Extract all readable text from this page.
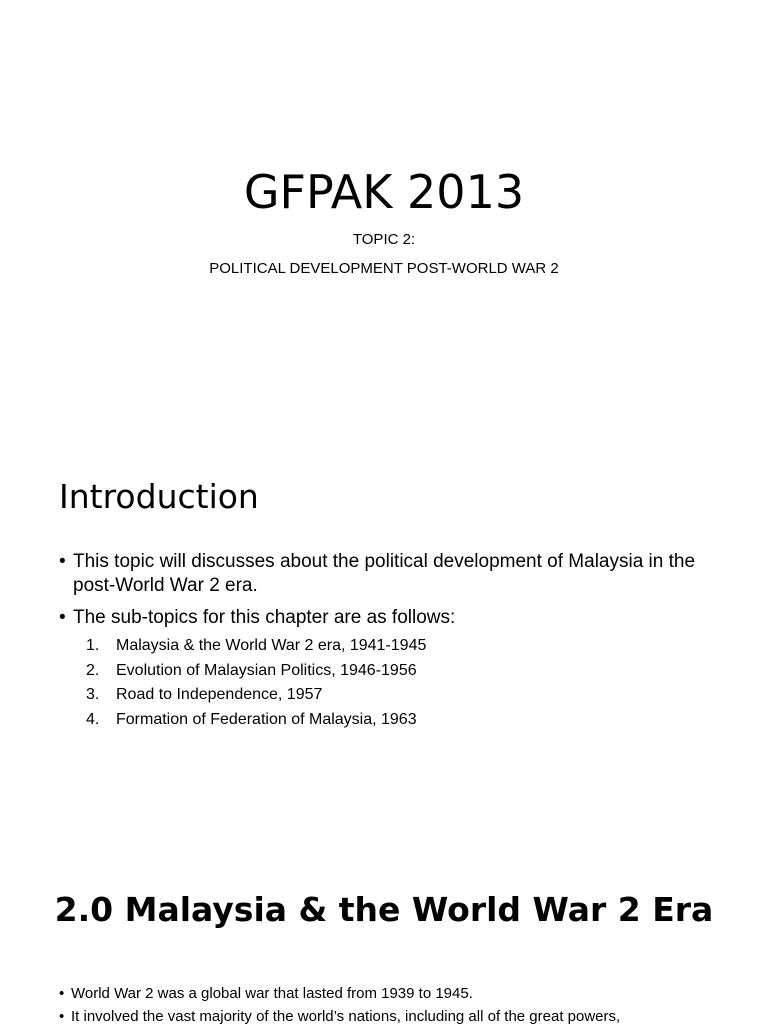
GFPAK 2013
TOPIC 2:
POLITICAL DEVELOPMENT POST-WORLD WAR 2
Introduction
• This topic will discusses about the political development of Malaysia in the post-World War 2 era.
• The sub-topics for this chapter are as follows:
1. Malaysia & the World War 2 era, 1941-1945
2. Evolution of Malaysian Politics, 1946-1956
3. Road to Independence, 1957
4. Formation of Federation of Malaysia, 1963
2.0 Malaysia & the World War 2 Era
• World War 2 was a global war that lasted from 1939 to 1945.
• It involved the vast majority of the world’s nations, including all of the great powers,
